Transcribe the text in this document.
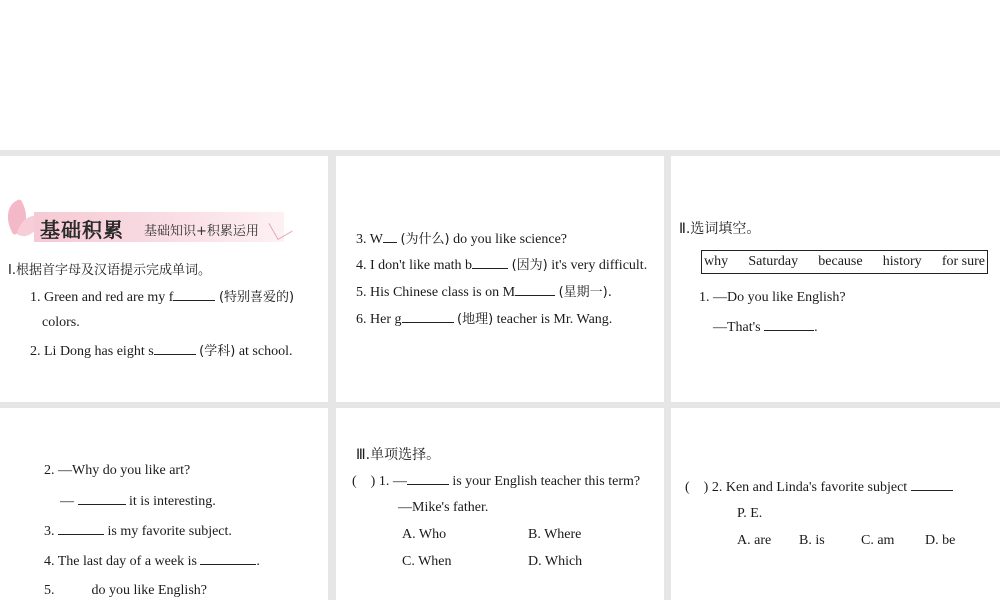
基础积累 基础知识+积累运用
Ⅰ.根据首字母及汉语提示完成单词。
1. Green and red are my f	(特别喜爱的)
colors.
2. Li Dong has eight s	(学科) at school.
3. W (为什么) do you like science?
4. I don't like math b	(因为) it's very difficult.
5. His Chinese class is on M	(星期一).
6. Her g	(地理) teacher is Mr. Wang.
Ⅱ.选词填空。
why Saturday because history for sure
1. —Do you like English?
—That's	.
2. —Why do you like art?
—	it is interesting.
3.	is my favorite subject.
4. The last day of a week is	.
5.	do you like English?
Ⅲ.单项选择。
(    ) 1. —	is your English teacher this term?
—Mike's father.
A. Who	B. Where
C. When	D. Which
(    ) 2. Ken and Linda's favorite subject
P. E.
A. are B. is	C. am D. be
